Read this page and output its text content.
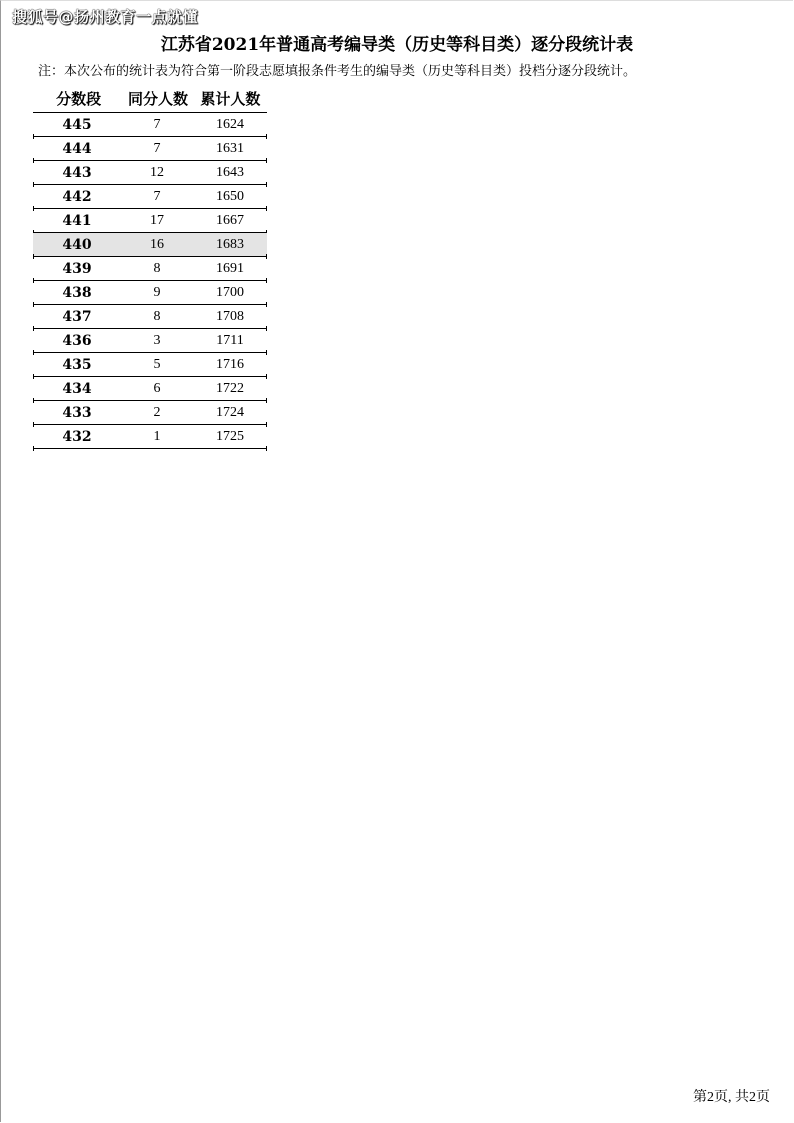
搜狐号@扬州教育一点就懂
江苏省2021年普通高考编导类（历史等科目类）逐分段统计表
注：本次公布的统计表为符合第一阶段志愿填报条件考生的编导类（历史等科目类）投档分逐分段统计。
分数段	同分人数 累计人数
445	7	1624
444	7	1631
443	12	1643
442	7	1650
441	17	1667
440	16	1683
439	8	1691
438	9	1700
437	8	1708
436	3	1711
435	5	1716
434	6	1722
433	2	1724
432	1	1725
第2页, 共2页
